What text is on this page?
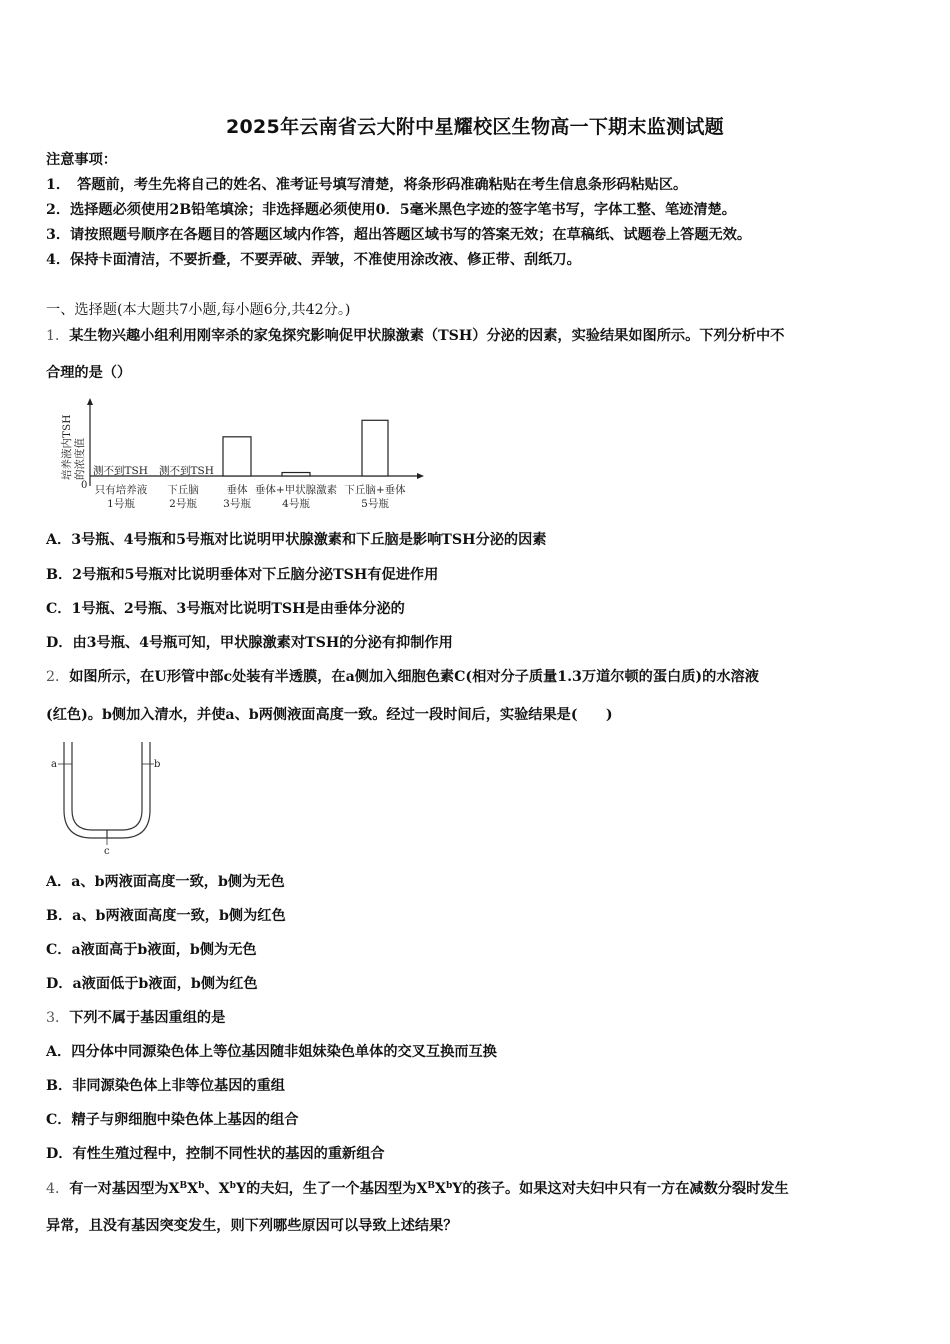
2025年云南省云大附中星耀校区生物高一下期末监测试题
注意事项：
1．　答题前，考生先将自己的姓名、准考证号填写清楚，将条形码准确粘贴在考生信息条形码粘贴区。
2．选择题必须使用2B铅笔填涂；非选择题必须使用0．5毫米黑色字迹的签字笔书写，字体工整、笔迹清楚。
3．请按照题号顺序在各题目的答题区域内作答，超出答题区域书写的答案无效；在草稿纸、试题卷上答题无效。
4．保持卡面清洁，不要折叠，不要弄破、弄皱，不准使用涂改液、修正带、刮纸刀。
一、选择题(本大题共7小题,每小题6分,共42分。)
1．某生物兴趣小组利用刚宰杀的家兔探究影响促甲状腺激素（TSH）分泌的因素，实验结果如图所示。下列分析中不
合理的是（）
培养液内TSH 的浓度值
0
测不到TSH 测不到TSH
只有培养液
1号瓶
下丘脑
2号瓶
垂体
3号瓶
垂体+甲状腺激素
4号瓶
下丘脑+垂体
5号瓶
A．3号瓶、4号瓶和5号瓶对比说明甲状腺激素和下丘脑是影响TSH分泌的因素
B．2号瓶和5号瓶对比说明垂体对下丘脑分泌TSH有促进作用
C．1号瓶、2号瓶、3号瓶对比说明TSH是由垂体分泌的
D．由3号瓶、4号瓶可知，甲状腺激素对TSH的分泌有抑制作用
2．如图所示，在U形管中部c处装有半透膜，在a侧加入细胞色素C(相对分子质量1.3万道尔顿的蛋白质)的水溶液
(红色)。b侧加入清水，并使a、b两侧液面高度一致。经过一段时间后，实验结果是(　　)
a	b
c
A．a、b两液面高度一致，b侧为无色
B．a、b两液面高度一致，b侧为红色
C．a液面高于b液面，b侧为无色
D．a液面低于b液面，b侧为红色
3．下列不属于基因重组的是
A．四分体中同源染色体上等位基因随非姐妹染色单体的交叉互换而互换
B．非同源染色体上非等位基因的重组
C．精子与卵细胞中染色体上基因的组合
D．有性生殖过程中，控制不同性状的基因的重新组合
4．有一对基因型为$X^BX^b$、$X^bY$的夫妇，生了一个基因型为$X^BX^bY$的孩子。如果这对夫妇中只有一方在减数分裂时发生
异常，且没有基因突变发生，则下列哪些原因可以导致上述结果？
